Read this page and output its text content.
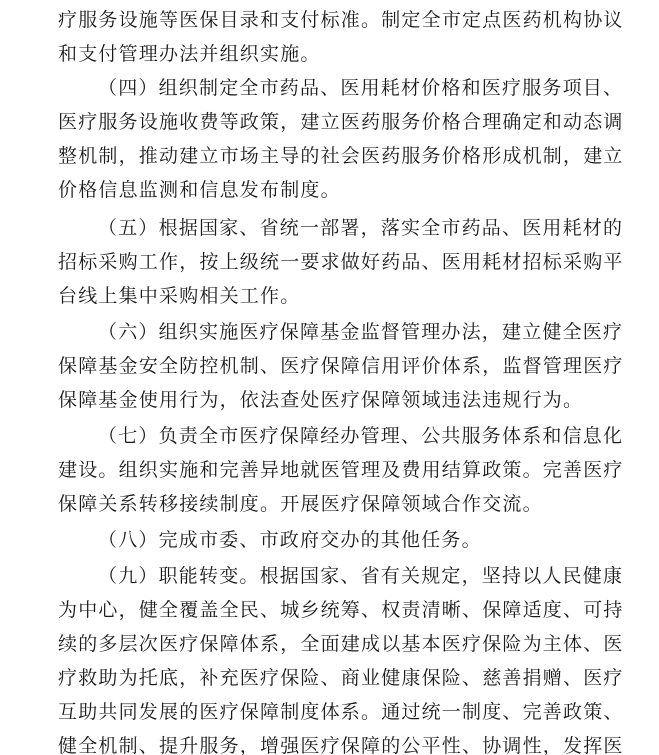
疗服务设施等医保目录和支付标准。制定全市定点医药机构协议
和支付管理办法并组织实施。
（四）组织制定全市药品、医用耗材价格和医疗服务项目、
医疗服务设施收费等政策，建立医药服务价格合理确定和动态调
整机制，推动建立市场主导的社会医药服务价格形成机制，建立
价格信息监测和信息发布制度。
（五）根据国家、省统一部署，落实全市药品、医用耗材的
招标采购工作，按上级统一要求做好药品、医用耗材招标采购平
台线上集中采购相关工作。
（六）组织实施医疗保障基金监督管理办法，建立健全医疗
保障基金安全防控机制、医疗保障信用评价体系，监督管理医疗
保障基金使用行为，依法查处医疗保障领域违法违规行为。
（七）负责全市医疗保障经办管理、公共服务体系和信息化
建设。组织实施和完善异地就医管理及费用结算政策。完善医疗
保障关系转移接续制度。开展医疗保障领域合作交流。
（八）完成市委、市政府交办的其他任务。
（九）职能转变。根据国家、省有关规定，坚持以人民健康
为中心，健全覆盖全民、城乡统筹、权责清晰、保障适度、可持
续的多层次医疗保障体系，全面建成以基本医疗保险为主体、医
疗救助为托底，补充医疗保险、商业健康保险、慈善捐赠、医疗
互助共同发展的医疗保障制度体系。通过统一制度、完善政策、
健全机制、提升服务，增强医疗保障的公平性、协调性，发挥医
